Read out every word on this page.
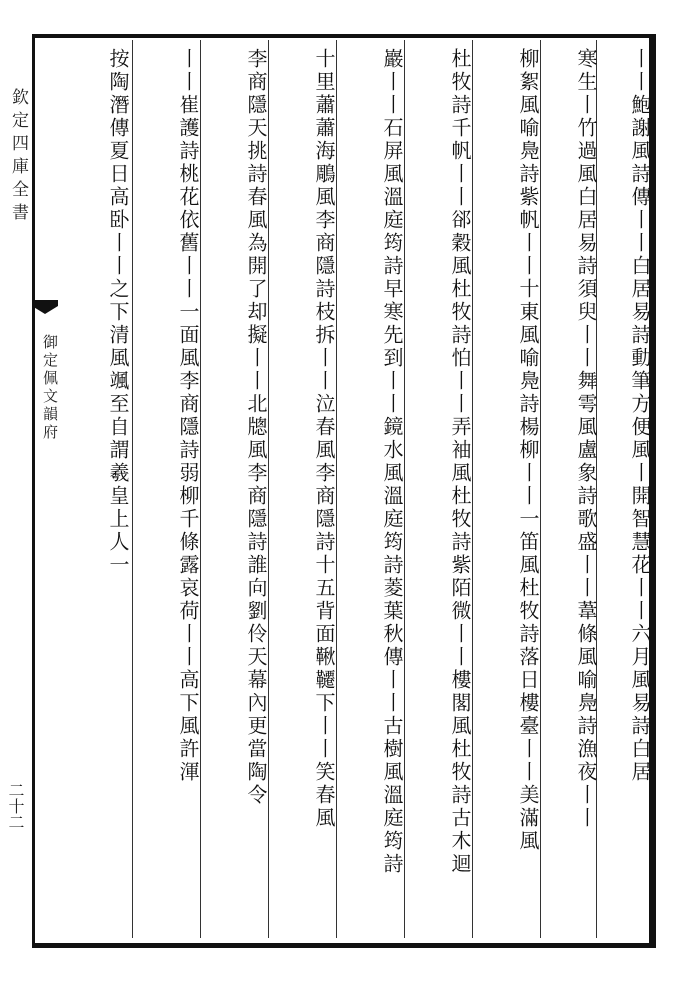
欽定四庫全書
二十二
御定佩文韻府	丨丨鮑謝風詩傳丨丨白居易詩動筆方便風丨開智慧花丨丨六月風易詩白居
寒生丨竹過風白居易詩須臾丨丨舞雩風盧象詩歌盛丨丨葦條風喻鳧詩漁夜丨丨
柳絮風喻鳧詩紫帆丨丨十東風喻鳧詩楊柳丨丨一笛風杜牧詩落日樓臺丨丨美滿風
杜牧詩千帆丨丨郤穀風杜牧詩怕丨丨弄袖風杜牧詩紫陌微丨丨樓閣風杜牧詩古木迴
巖丨丨石屏風溫庭筠詩早寒先到丨丨鏡水風溫庭筠詩菱葉秋傳丨丨古樹風溫庭筠詩
十里蕭蕭海鵰風李商隱詩枝拆丨丨泣春風李商隱詩十五背面鞦韆下丨丨笑春風
李商隱天挑詩春風為開了却擬丨丨北牕風李商隱詩誰向劉伶天幕內更當陶令
丨丨崔護詩桃花依舊丨丨一面風李商隱詩弱柳千條露哀荷丨丨高下風許渾
按陶潛傳夏日高卧丨丨之下清風颯至自謂羲皇上人一
